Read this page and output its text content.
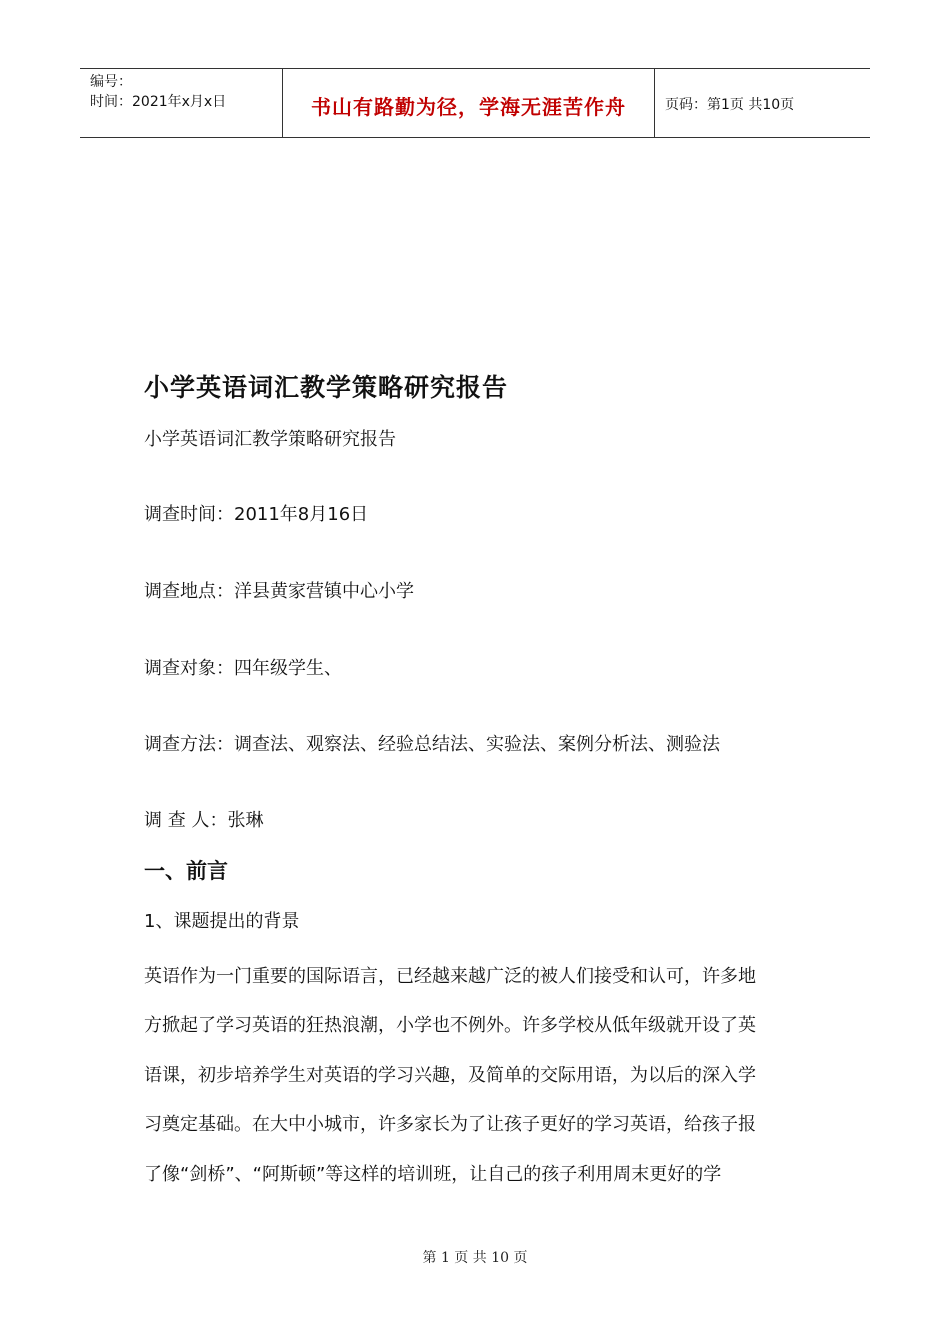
编号：
时间：2021年x月x日	书山有路勤为径，学海无涯苦作舟	页码：第1页 共10页
小学英语词汇教学策略研究报告
小学英语词汇教学策略研究报告
调查时间：2011年8月16日
调查地点：洋县黄家营镇中心小学
调查对象：四年级学生、
调查方法：调查法、观察法、经验总结法、实验法、案例分析法、测验法
调 查 人：张琳
一、前言
1、课题提出的背景
英语作为一门重要的国际语言，已经越来越广泛的被人们接受和认可，许多地
方掀起了学习英语的狂热浪潮，小学也不例外。许多学校从低年级就开设了英
语课，初步培养学生对英语的学习兴趣，及简单的交际用语，为以后的深入学
习奠定基础。在大中小城市，许多家长为了让孩子更好的学习英语，给孩子报
了像“剑桥”、“阿斯顿”等这样的培训班，让自己的孩子利用周末更好的学
第 1 页 共 10 页
